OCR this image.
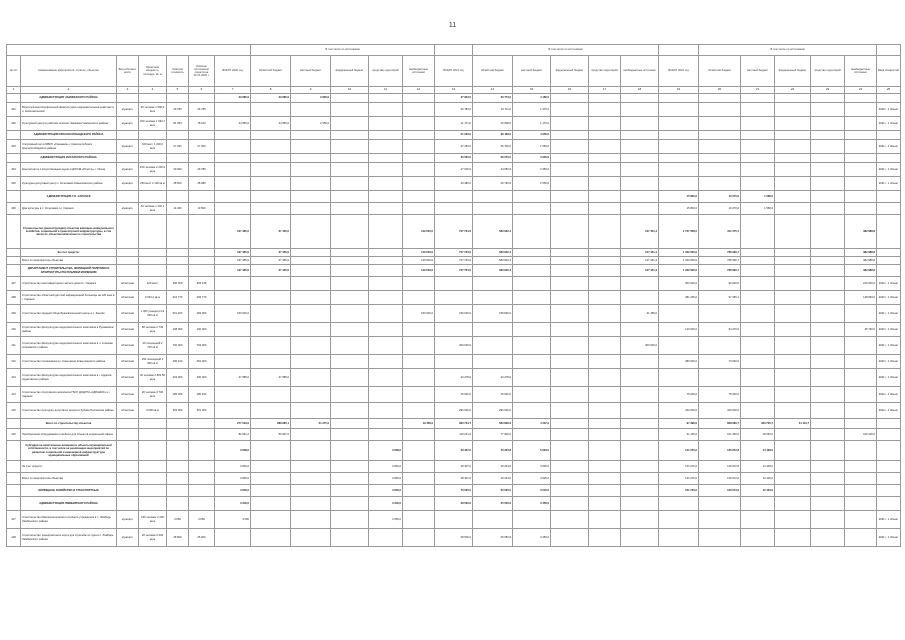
11
							В том числе по источникам						В том числе по источникам						В том числе по источникам						
№ п/п	Наименование мероприятия, отрасли, объектов	Вид собствен-ности	Проектная мощность, площадь, кв. м	Сметная стоимость	Освоено источником средств на 01.01.2020 г.	ВСЕГО 2020 год	областной бюджет	местный бюджет	федеральный бюджет	средства территорий	внебюджетные источники	ВСЕГО 2021 год	областной бюджет	местный бюджет	федеральный бюджет	средства территорий	внебюджетные источники	ВСЕГО 2022 год	областной бюджет	местный бюджет	федеральный бюджет	средства территорий	внебюджетные источники	Ввод мощностей	
1	2	3	4	5	6	7	8	9	10	11	12	13	14	15	16	17	18	19	20	21	22	23	24	25	
	АДМИНИСТРАЦИЯ ЧАМЗИНСКОГО РАЙОНА					29 685,0	29 685,0	2 800,0				37 843,0	29 773,0	4 180,0											
401	Взрослый многопрофильный физкультурно-оздоровительный комплекс в п. Комсомольский	муницип.	20 человек 1 500,0 кв.м	29 783	26 785							20 783,0	16 711,0	1 370,0										2020 г. 1 объект	
402	Культурный центр в рабочем поселке Чамзинка Чамзинского района	муницип.	320 человек 1 694,7 кв.м	81 053	78 100	24 956,0	24 956,0	2 950,0				11 171,0	10 608,0	1 170,0										2021 г. 1 объект	
	АДМИНИСТРАЦИЯ КРАСНОСЛОБОДСКОГО РАЙОНА											51 000,0	38 139,0	4 950,0											
403	Спортивный зал в МБОУ «Гимназия» г. Краснослободск Краснослободского района	муницип.	100 мест 1 200,0 кв.м	27 250	27 000							27 250,0	25 700,0	1 550,0										2021 г. 1 объект	
	АДМИНИСТРАЦИЯ ИНСАРСКОГО РАЙОНА											30 000,0	26 070,0	3 930,0											
404	Крытый каток с искусственным льдом в ДЮСШ «Юность» г. Инсар	муницип.	100 человек 2 100,0 кв.м	30 000	29 780							27 000,0	24 650,0	2 350,0										2021 г. 1 объект	
405	Культурно-досуговый центр с. Кочелаево Ковылкинского района	муницип.	250 мест 2 100 кв.м	28 500	28 080							29 480,0	26 730,0	2 550,0										2021 г. 1 объект	
	АДМИНИСТРАЦИЯ Г.О. САРАНСК																	15 800,0	10 270,0	1 580,0					
406	Дом культуры в с. Кочелаево г.о. Саранск	муницип.	40 человек 1 102,1 кв.м	14 400	13 500													15 800,0	10 270,0	1 580,0					
	Строительство (реконструкция) объектов жилищно-коммунального хозяйства, социальной и транспортной инфраструктуры, в том числе по объектам капитального строительства					167 485,0	67 456,0				149 503,0	727 764,0	580 902,4				127 451,4	1 727 658,0	311 575,1				382 888,8		
	За счет средств:					197 485,0	67 456,0				149 503,0	727 764,0	580 902,4				127 451,4	1 322 600,0	768 390,7				382 888,8		
	Всего по мероприятию объектам					197 485,0	67 456,0				149 503,0	727 764,0	580 902,4				127 451,4	1 322 600,0	768 390,7				382 888,8		
	ДЕПАРТАМЕНТ СТРОИТЕЛЬСТВА, ЖИЛИЩНОЙ ПОЛИТИКИ И АРХИТЕКТУРЫ РЕСПУБЛИКИ МОРДОВИЯ					197 485,0	67 456,0				149 503,0	727 764,0	580 902,4				127 451,4	1 322 600,0	768 390,7				382 888,8		
407	Строительство многоквартирного жилого дома в г. Саранск	областная	420 мест	300 000	305 136													300 000,0	90 000,0				210 000,0	2022 г. 1 объект	
408	Строительство областной детской инфекционной больницы на 120 коек в г. Саранск	областная	3 064,2 кв.м	210 770	205 770													381 205,0	97 265,1				148 993,0	2022 г. 1 объект	
409	Строительство средней общеобразовательной школы в с. Зыково	областная	1 000 учащихся 12 000 кв.м	501 200	182 350	150 000,0					150 000,0	150 000,0	155 826,0				21 458,0							2021 г. 1 объект	
410	Строительство физкультурно-оздоровительного комплекса в Рузаевском районе	областная	80 человек 2 735 кв.м	108 000	100 000													140 000,0	94 270,0				45 730,0	2022 г. 1 объект	
411	Строительство физкультурно-оздоровительного комплекса в п. Атяшево Атяшевского района	областная	40 посещений 2 700 кв.м	700 000	702 000							300 000,0					300 000,0							2021 г. 1 объект	
412	Строительство поликлиники в г. Ковылкино Ковылкинского района	областная	250 посещений 2 900 кв.м	490 100	481 000													380 000,0	73 000,0					2022 г. 1 объект	
413	Строительство физкультурно-оздоровительного комплекса в г. Ардатов Ардатовского района	областная	40 человек 2 862,55 кв.м	402 000	400 000	47 985,0	47 985,0					22 278,0	22 278,0											2021 г. 1 объект	
414	Строительство спортивного комплекса ГБОУ ДОД РМ «СДЮШОР» в г. Саранск	областная	20 человек 2 700 кв.м	185 000	180 150							15 000,0	15 000,0					75 000,0	75 000,0					2022 г. 1 объект	
415	Строительство культурно-досугового центра в Зубово-Полянском районе	областная	3 000 кв.м	302 000	301 000							290 000,0	290 000,0					440 000,0	440 000,0					2022 г. 1 объект	
	Всего по строительству объектов					277 049,0	288 980,1	21 275,0			19 458,0	960 734,7	583 828,3	4 337,0				97 398,0	828 080,7	320 700,7	44 113,7					
416	Приобретение оборудования и мебели для объектов социальной сферы					82 061,2	56 997,0					110 241,0	77 900,0					31 145,0	101 350,0	18 050,0			100 106,0		
	Субсидии на капитальные вложения в объекты муниципальной собственности, в том числе на реализацию мероприятий по развитию социальной и инженерной инфраструктуры муниципальных образований					3 848,0				3 848,0		49 307,0	40 223,8	5 923,0				141 070,0	126 972,8	14 108,0					
	За счет средств:					3 846,0				3 846,0		49 307,0	40 223,8	4 925,0				141 070,0	126 972,8	14 108,0					
	Всего по мероприятию объектам					3 846,0				3 846,0		48 301,0	40 224,0	4 925,0				141 070,0	126 972,0	14 100,0					
	ЖИЛИЩНОЕ ХОЗЯЙСТВО И ТРАНСПОРТНЫЕ					3 846,0				3 846,0		70 000,0	60 000,0	3 040,0				121 700,0	100 073,0	12 100,0					
	АДМИНИСТРАЦИЯ ЛЯМБИРСКОГО РАЙОНА					3 346,0				3 346,0		28 500,0	25 050,0	3 450,0											
417	Строительство Межпоселенческого клубного учреждения в с. Лямбирь Лямбирского района	муницип.	150 человек 2 200 кв.м	3 050	3 050	3 050				3 050,0														2021 г. 1 объект	
418	Строительство тренировочного корта для стрельбы из лука в с. Лямбирь Лямбирского района	муницип.	20 человек 2 000 кв.м	28 500	25 000							28 500,0	25 050,0	3 450,0										2021 г. 1 объект	
